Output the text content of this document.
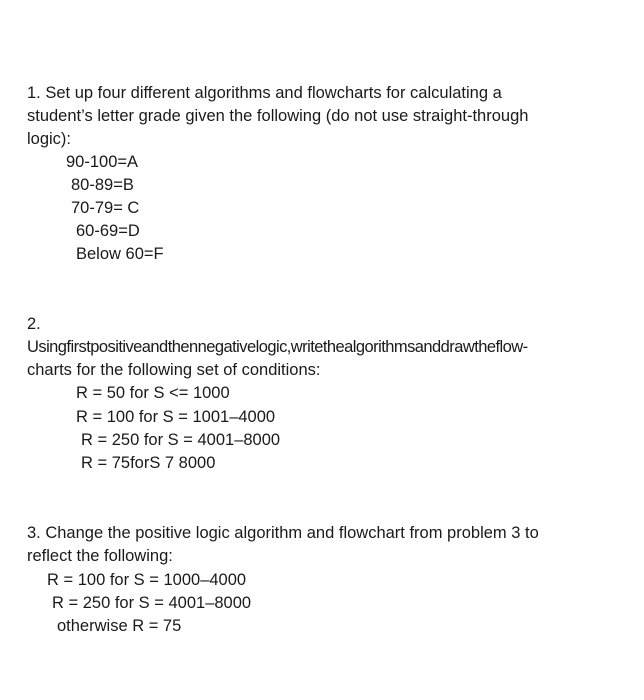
1. Set up four different algorithms and flowcharts for calculating a
student’s letter grade given the following (do not use straight-through
logic):
90-100=A
80-89=B
70-79= C
60-69=D
Below 60=F
2.
Usingfirstpositiveandthennegativelogic,writethealgorithmsanddrawtheflow-
charts for the following set of conditions:
R = 50 for S <= 1000
R = 100 for S = 1001–4000
R = 250 for S = 4001–8000
R = 75forS 7 8000
3. Change the positive logic algorithm and flowchart from problem 3 to
reflect the following:
R = 100 for S = 1000–4000
R = 250 for S = 4001–8000
otherwise R = 75
